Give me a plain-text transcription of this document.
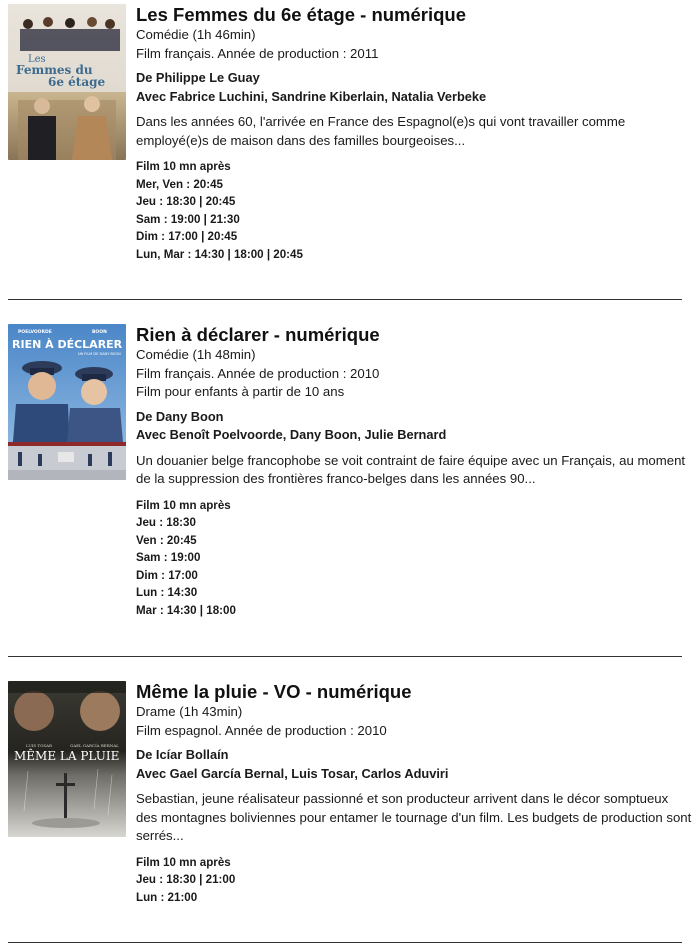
Les
Femmes du
6e étage
Les Femmes du 6e étage - numérique
Comédie (1h 46min)
Film français. Année de production : 2011
De Philippe Le Guay
Avec Fabrice Luchini, Sandrine Kiberlain, Natalia Verbeke
Dans les années 60, l'arrivée en France des Espagnol(e)s qui vont travailler comme employé(e)s de maison dans des familles bourgeoises...
Film 10 mn après
Mer, Ven : 20:45
Jeu : 18:30 | 20:45
Sam : 19:00 | 21:30
Dim : 17:00 | 20:45
Lun, Mar : 14:30 | 18:00 | 20:45
POELVOORDE	BOON
RIEN À DÉCLARER
UN FILM DE DANY BOON
Rien à déclarer - numérique
Comédie (1h 48min)
Film français. Année de production : 2010
Film pour enfants à partir de 10 ans
De Dany Boon
Avec Benoît Poelvoorde, Dany Boon, Julie Bernard
Un douanier belge francophobe se voit contraint de faire équipe avec un Français, au moment de la suppression des frontières franco-belges dans les années 90...
Film 10 mn après
Jeu : 18:30
Ven : 20:45
Sam : 19:00
Dim : 17:00
Lun : 14:30
Mar : 14:30 | 18:00
LUIS TOSAR	GAEL GARCÍA BERNAL
MÊME LA PLUIE
Même la pluie - VO - numérique
Drame (1h 43min)
Film espagnol. Année de production : 2010
De Icíar Bollaín
Avec Gael García Bernal, Luis Tosar, Carlos Aduviri
Sebastian, jeune réalisateur passionné et son producteur arrivent dans le décor somptueux des montagnes boliviennes pour entamer le tournage d'un film. Les budgets de production sont serrés...
Film 10 mn après
Jeu : 18:30 | 21:00
Lun : 21:00
